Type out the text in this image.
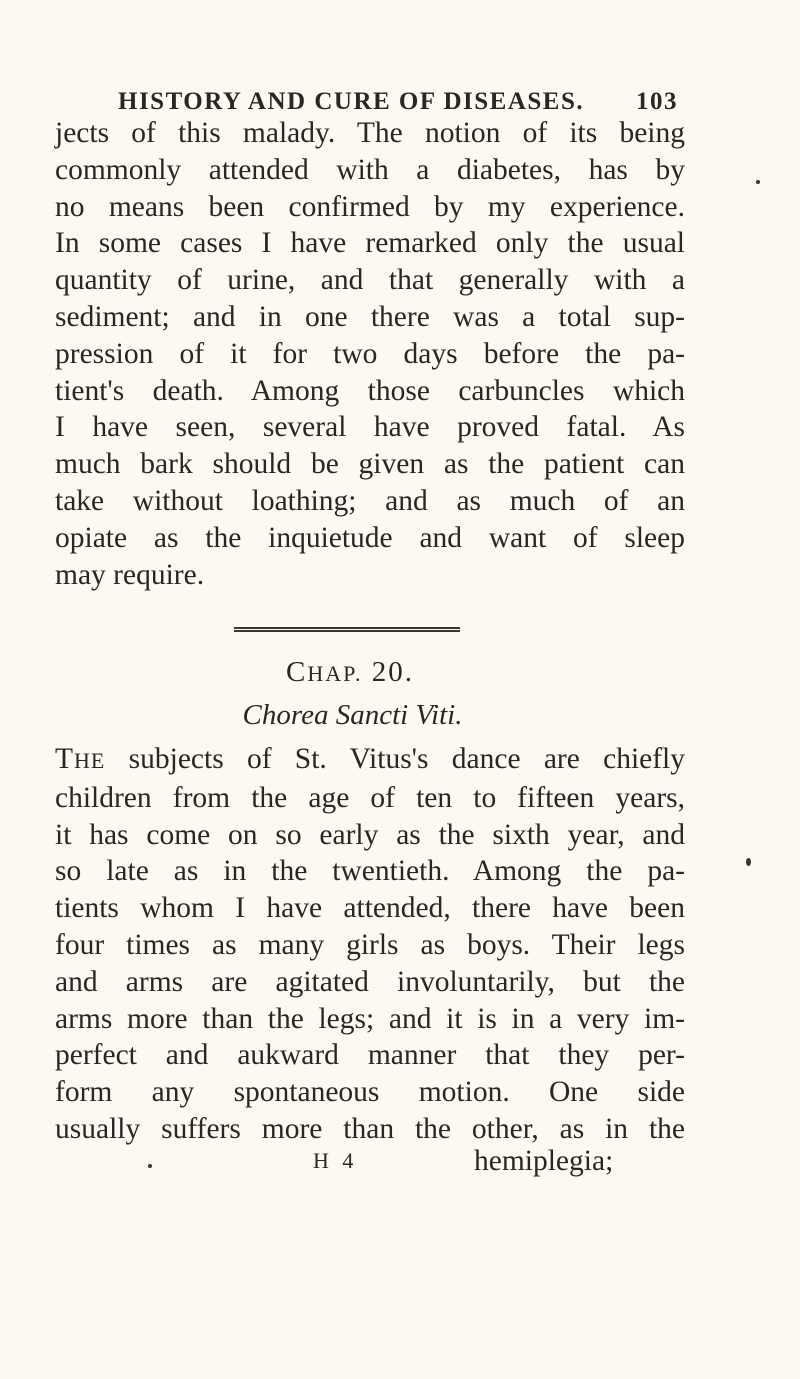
HISTORY AND CURE OF DISEASES. 103
jects of this malady. The notion of its being
commonly attended with a diabetes, has by
no means been confirmed by my experience.
In some cases I have remarked only the usual
quantity of urine, and that generally with a
sediment; and in one there was a total sup-
pression of it for two days before the pa-
tient's death. Among those carbuncles which
I have seen, several have proved fatal. As
much bark should be given as the patient can
take without loathing; and as much of an
opiate as the inquietude and want of sleep
may require.
CHAP. 20.
Chorea Sancti Viti.
THE subjects of St. Vitus's dance are chiefly
children from the age of ten to fifteen years,
it has come on so early as the sixth year, and
so late as in the twentieth. Among the pa-
tients whom I have attended, there have been
four times as many girls as boys. Their legs
and arms are agitated involuntarily, but the
arms more than the legs; and it is in a very im-
perfect and aukward manner that they per-
form any spontaneous motion. One side
usually suffers more than the other, as in the
H 4	hemiplegia;
